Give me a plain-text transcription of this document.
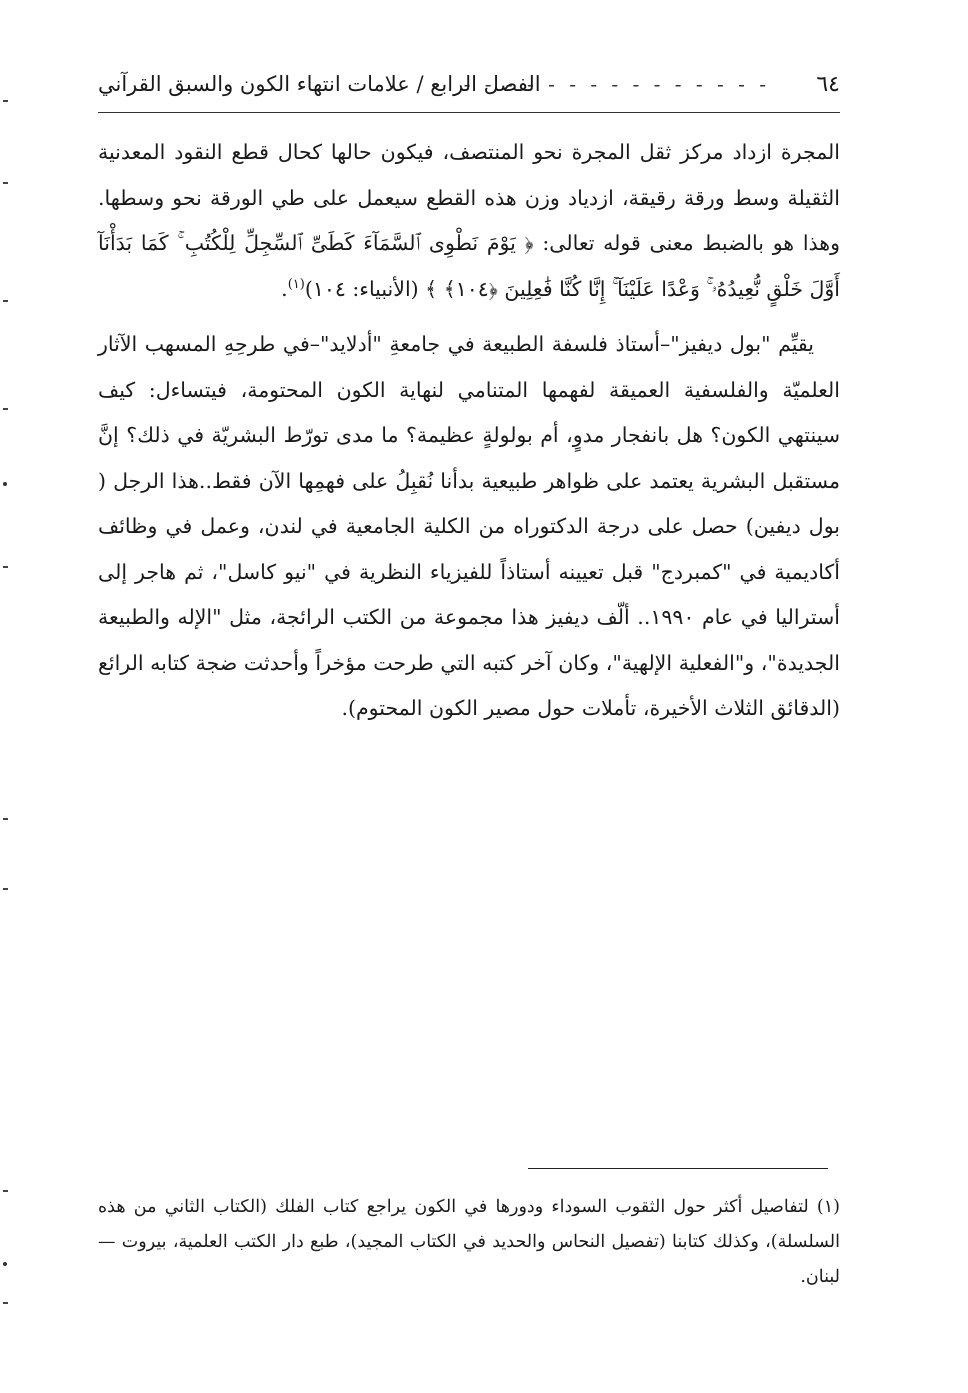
٦٤
- - - - - - - - - - - - - - -
الفصل الرابع / علامات انتهاء الكون والسبق القرآني

المجرة ازداد مركز ثقل المجرة نحو المنتصف، فيكون حالها كحال قطع النقود المعدنية الثقيلة وسط ورقة رقيقة، ازدياد وزن هذه القطع سيعمل على طي الورقة نحو وسطها. وهذا هو بالضبط معنى قوله تعالى: ﴿ يَوْمَ نَطْوِى ٱلسَّمَآءَ كَطَىِّ ٱلسِّجِلِّ لِلْكُتُبِ ۚ كَمَا بَدَأْنَآ أَوَّلَ خَلْقٍ نُّعِيدُهُۥ ۚ وَعْدًا عَلَيْنَآ ۚ إِنَّا كُنَّا فَٰعِلِينَ ﴿١٠٤﴾ ﴾ (الأنبياء: ١٠٤)$^{(١)}$.

يقيِّم "بول ديفيز"–أستاذ فلسفة الطبيعة في جامعةِ "أدلايد"–في طرحِهِ المسهب الآثار العلميّة والفلسفية العميقة لفهمها المتنامي لنهاية الكون المحتومة، فيتساءل: كيف سينتهي الكون؟ هل بانفجار مدوٍ، أم بولولةٍ عظيمة؟ ما مدى تورّط البشريّة في ذلك؟ إنَّ مستقبل البشرية يعتمد على ظواهر طبيعية بدأنا نُقبِلُ على فهمِها الآن فقط..هذا الرجل ( بول ديفين) حصل على درجة الدكتوراه من الكلية الجامعية في لندن، وعمل في وظائف أكاديمية في "كمبردج" قبل تعيينه أستاذاً للفيزياء النظرية في "نيو كاسل"، ثم هاجر إلى أستراليا في عام ١٩٩٠.. ألّف ديفيز هذا مجموعة من الكتب الرائجة، مثل "الإله والطبيعة الجديدة"، و"الفعلية الإلهية"، وكان آخر كتبه التي طرحت مؤخراً وأحدثت ضجة كتابه الرائع (الدقائق الثلاث الأخيرة، تأملات حول مصير الكون المحتوم).

(١) لتفاصيل أكثر حول الثقوب السوداء ودورها في الكون يراجع كتاب الفلك (الكتاب الثاني من هذه السلسلة)، وكذلك كتابنا (تفصيل النحاس والحديد في الكتاب المجيد)، طبع دار الكتب العلمية، بيروت — لبنان.
